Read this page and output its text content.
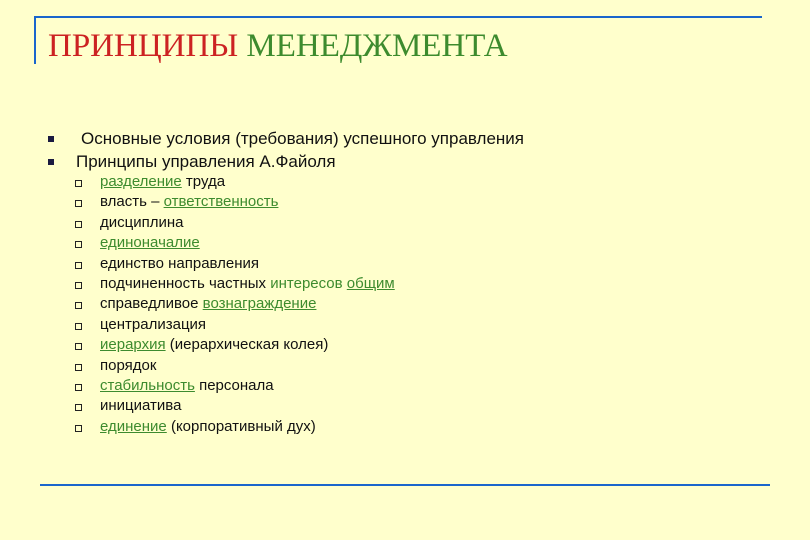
ПРИНЦИПЫ МЕНЕДЖМЕНТА
Основные условия (требования) успешного управления
Принципы управления А.Файоля
разделение труда
власть – ответственность
дисциплина
единоначалие
единство направления
подчиненность частных интересов общим
справедливое вознаграждение
централизация
иерархия (иерархическая колея)
порядок
стабильность персонала
инициатива
единение (корпоративный дух)
